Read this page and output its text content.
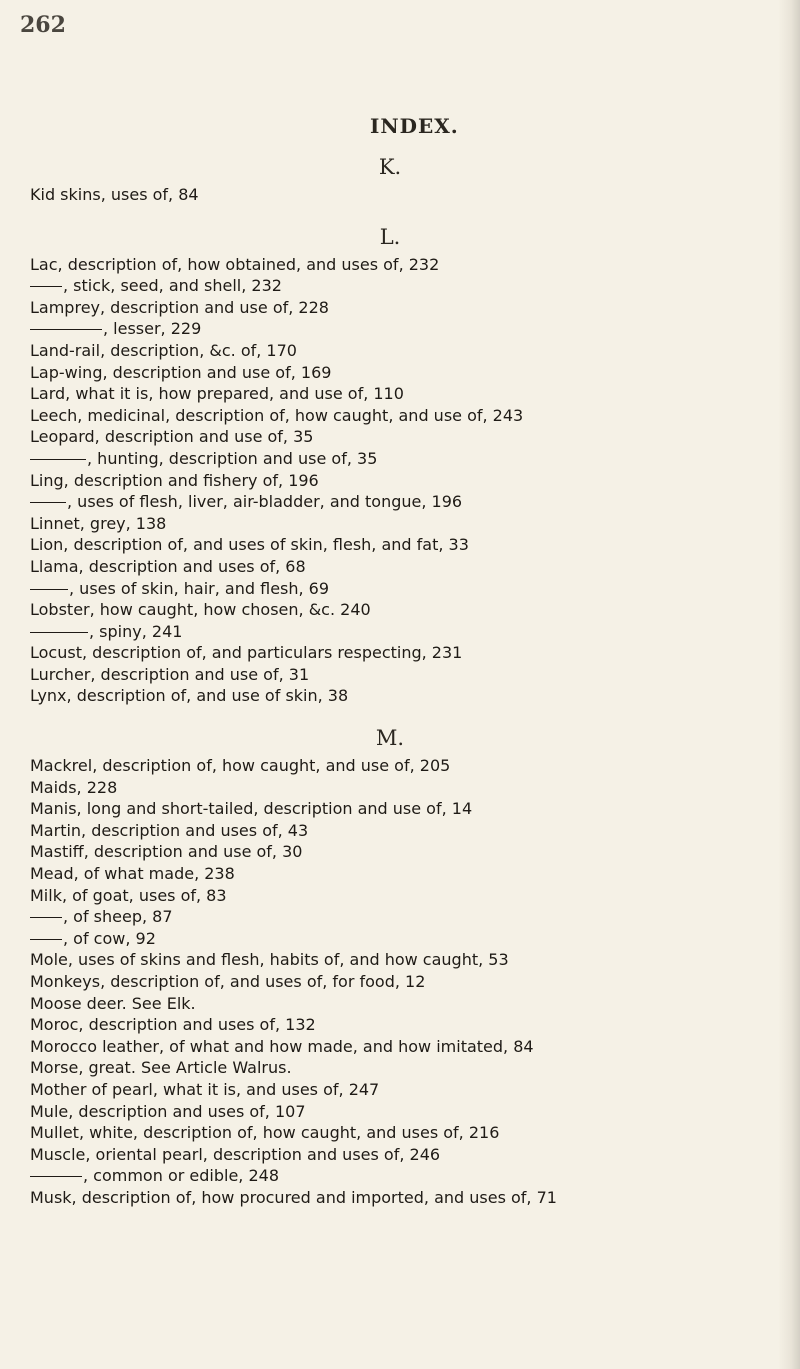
262
INDEX.
K.
Kid skins, uses of, 84
L.
Lac, description of, how obtained, and uses of, 232
, stick, seed, and shell, 232
Lamprey, description and use of, 228
, lesser, 229
Land-rail, description, &c. of, 170
Lap-wing, description and use of, 169
Lard, what it is, how prepared, and use of, 110
Leech, medicinal, description of, how caught, and use of, 243
Leopard, description and use of, 35
, hunting, description and use of, 35
Ling, description and fishery of, 196
, uses of flesh, liver, air-bladder, and tongue, 196
Linnet, grey, 138
Lion, description of, and uses of skin, flesh, and fat, 33
Llama, description and uses of, 68
, uses of skin, hair, and flesh, 69
Lobster, how caught, how chosen, &c. 240
, spiny, 241
Locust, description of, and particulars respecting, 231
Lurcher, description and use of, 31
Lynx, description of, and use of skin, 38
M.
Mackrel, description of, how caught, and use of, 205
Maids, 228
Manis, long and short-tailed, description and use of, 14
Martin, description and uses of, 43
Mastiff, description and use of, 30
Mead, of what made, 238
Milk, of goat, uses of, 83
, of sheep, 87
, of cow, 92
Mole, uses of skins and flesh, habits of, and how caught, 53
Monkeys, description of, and uses of, for food, 12
Moose deer. See Elk.
Moroc, description and uses of, 132
Morocco leather, of what and how made, and how imitated, 84
Morse, great. See Article Walrus.
Mother of pearl, what it is, and uses of, 247
Mule, description and uses of, 107
Mullet, white, description of, how caught, and uses of, 216
Muscle, oriental pearl, description and uses of, 246
, common or edible, 248
Musk, description of, how procured and imported, and uses of, 71
